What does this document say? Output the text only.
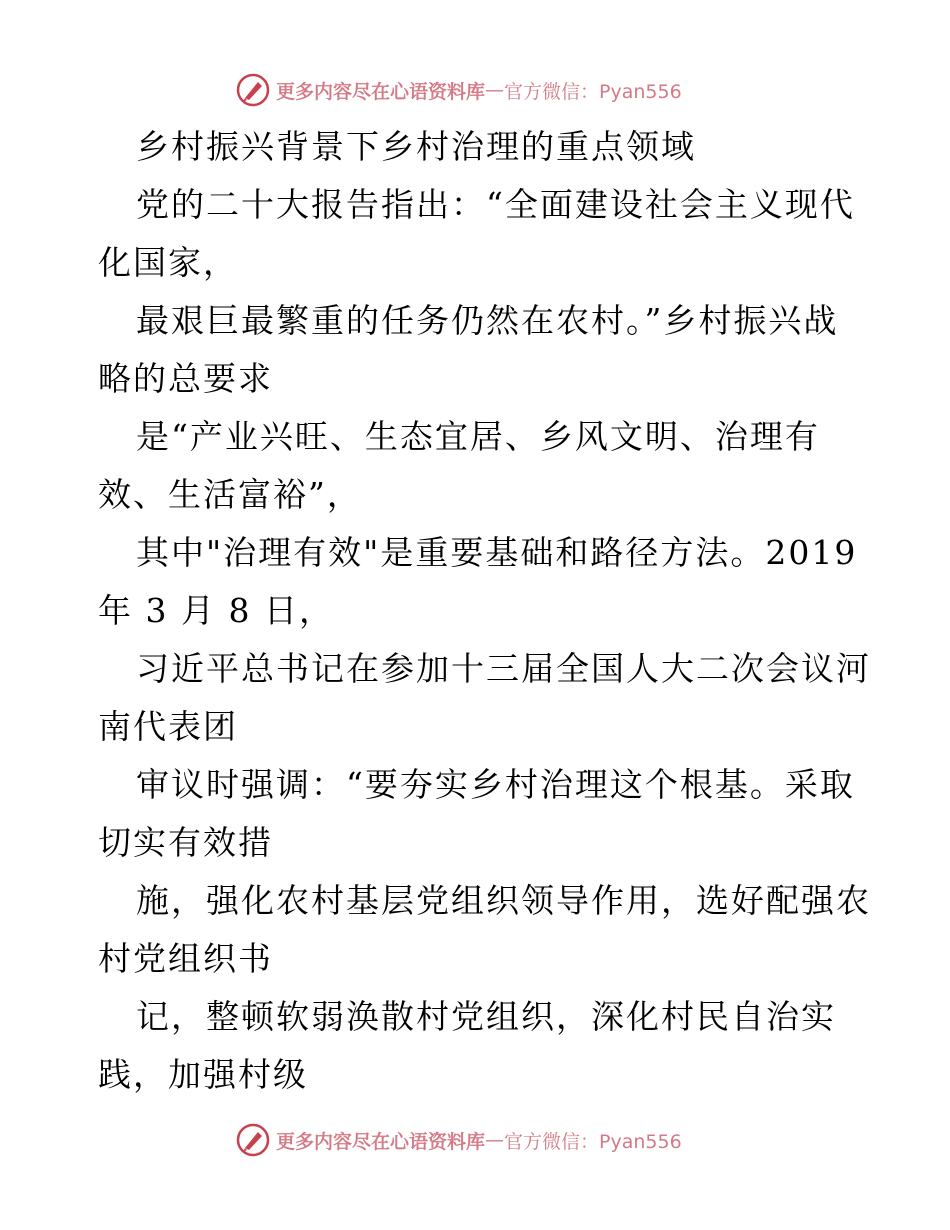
更多内容尽在心语资料库 — 官方微信：Pyan556
乡村振兴背景下乡村治理的重点领域
党的二十大报告指出：“全面建设社会主义现代
化国家，
最艰巨最繁重的任务仍然在农村。”乡村振兴战
略的总要求
是“产业兴旺、生态宜居、乡风文明、治理有
效、生活富裕”，
其中"治理有效"是重要基础和路径方法。2019
年 3 月 8 日，
习近平总书记在参加十三届全国人大二次会议河
南代表团
审议时强调：“要夯实乡村治理这个根基。采取
切实有效措
施，强化农村基层党组织领导作用，选好配强农
村党组织书
记，整顿软弱涣散村党组织，深化村民自治实
践，加强村级
更多内容尽在心语资料库 — 官方微信：Pyan556
